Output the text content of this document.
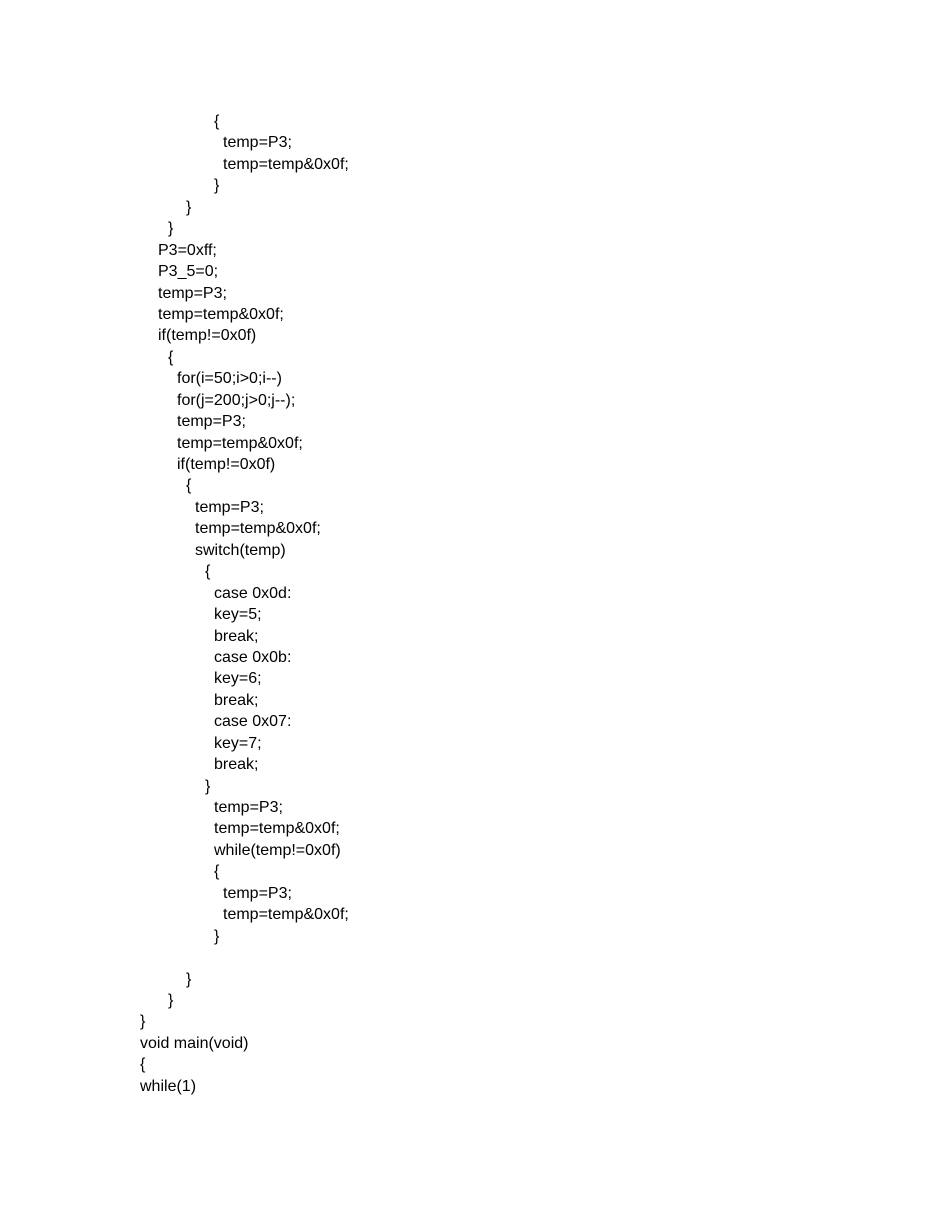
{
temp=P3;
temp=temp&0x0f;
}
}
}
P3=0xff;
P3_5=0;
temp=P3;
temp=temp&0x0f;
if(temp!=0x0f)
{
for(i=50;i>0;i--)
for(j=200;j>0;j--);
temp=P3;
temp=temp&0x0f;
if(temp!=0x0f)
{
temp=P3;
temp=temp&0x0f;
switch(temp)
{
case 0x0d:
key=5;
break;
case 0x0b:
key=6;
break;
case 0x07:
key=7;
break;
}
temp=P3;
temp=temp&0x0f;
while(temp!=0x0f)
{
temp=P3;
temp=temp&0x0f;
}
}
}
}
void main(void)
{
while(1)
